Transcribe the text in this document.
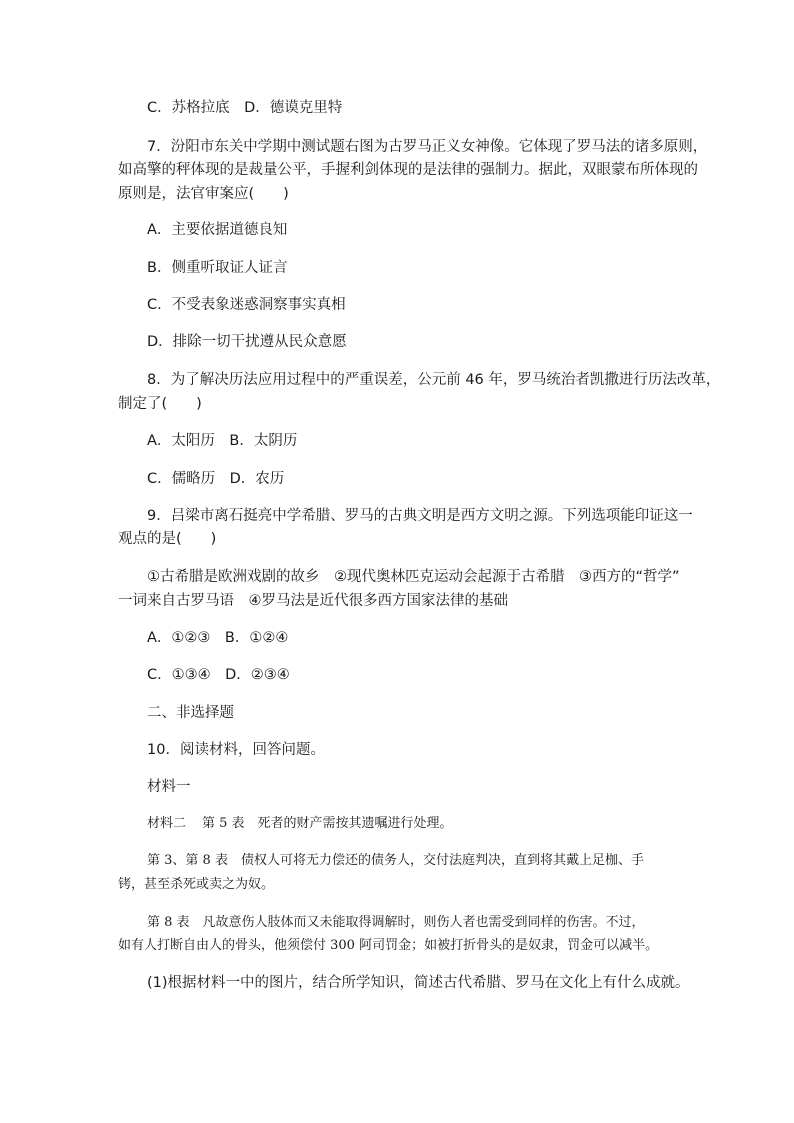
C．苏格拉底　D．德谟克里特
7．汾阳市东关中学期中测试题右图为古罗马正义女神像。它体现了罗马法的诸多原则，
如高擎的秤体现的是裁量公平，手握利剑体现的是法律的强制力。据此，双眼蒙布所体现的
原则是，法官审案应(　　)
A．主要依据道德良知
B．侧重听取证人证言
C．不受表象迷惑洞察事实真相
D．排除一切干扰遵从民众意愿
8．为了解决历法应用过程中的严重误差，公元前 46 年，罗马统治者凯撒进行历法改革，
制定了(　　)
A．太阳历　B．太阴历
C．儒略历　D．农历
9．吕梁市离石挺亮中学希腊、罗马的古典文明是西方文明之源。下列选项能印证这一
观点的是(　　)
①古希腊是欧洲戏剧的故乡　②现代奥林匹克运动会起源于古希腊　③西方的“哲学”
一词来自古罗马语　④罗马法是近代很多西方国家法律的基础
A．①②③　B．①②④
C．①③④　D．②③④
二、非选择题
10．阅读材料，回答问题。
材料一
材料二 第 5 表　死者的财产需按其遗嘱进行处理。
第 3、第 8 表　债权人可将无力偿还的债务人，交付法庭判决，直到将其戴上足枷、手
铐，甚至杀死或卖之为奴。
第 8 表　凡故意伤人肢体而又未能取得调解时，则伤人者也需受到同样的伤害。不过，
如有人打断自由人的骨头，他须偿付 300 阿司罚金；如被打折骨头的是奴隶，罚金可以减半。
(1)根据材料一中的图片，结合所学知识，简述古代希腊、罗马在文化上有什么成就。
